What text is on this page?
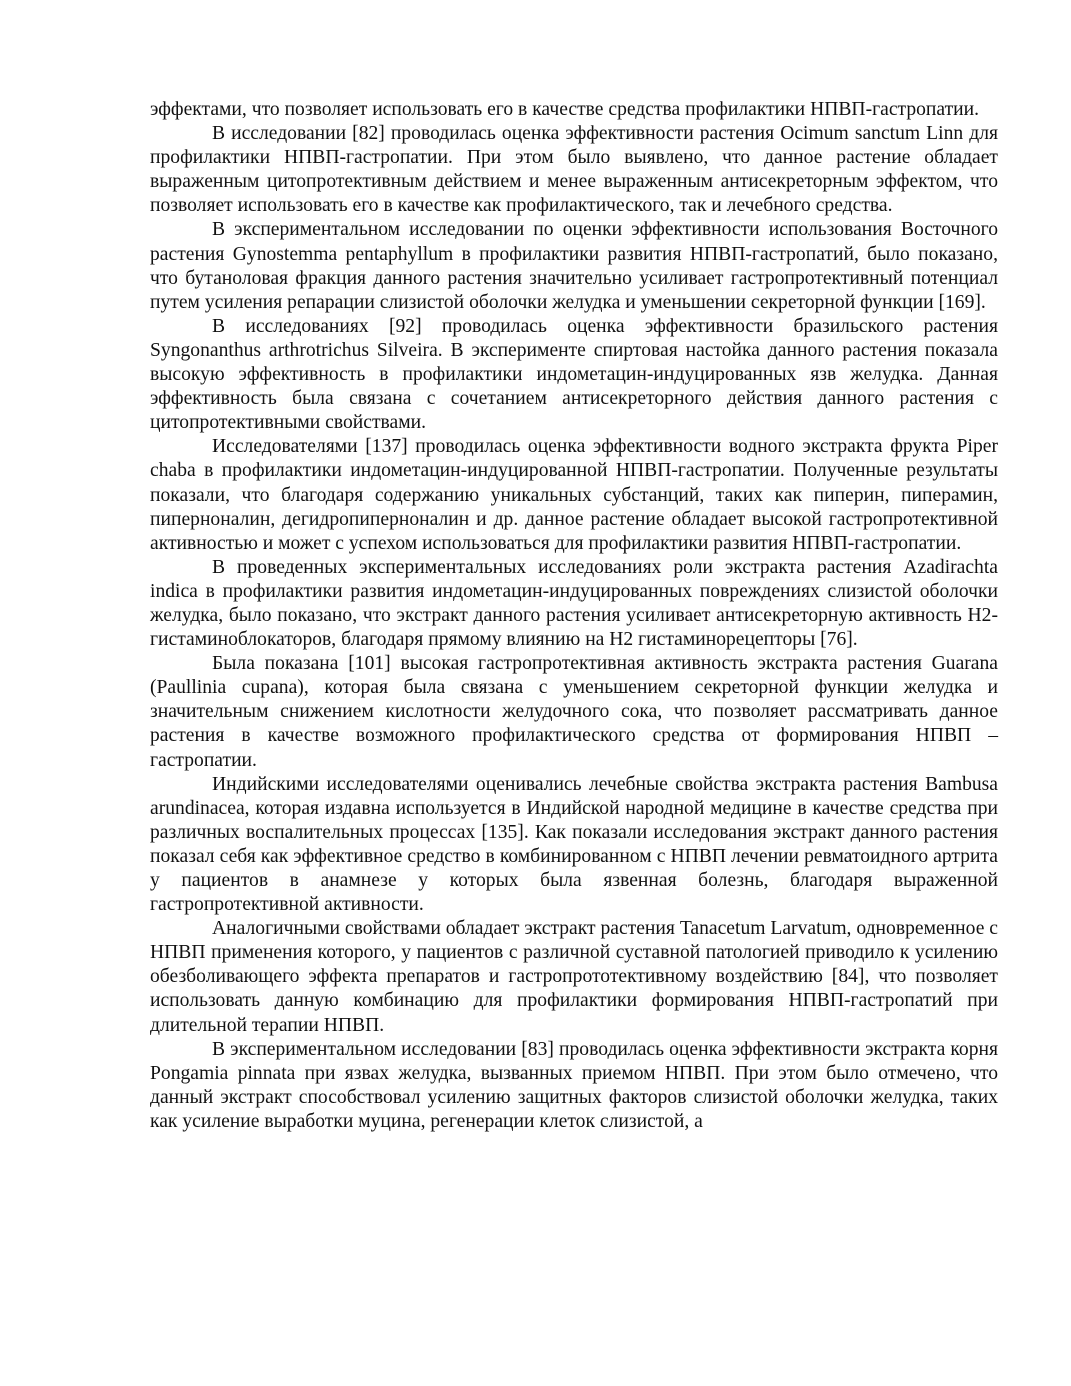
эффектами, что позволяет использовать его в качестве средства профилактики НПВП-гастропатии.

В исследовании [82] проводилась оценка эффективности растения Ocimum sanctum Linn для профилактики НПВП-гастропатии. При этом было выявлено, что данное растение обладает выраженным цитопротективным действием и менее выраженным антисекреторным эффектом, что позволяет использовать его в качестве как профилактического, так и лечебного средства.

В экспериментальном исследовании по оценки эффективности использования Восточного растения Gynostemma pentaphyllum в профилактики развития НПВП-гастропатий, было показано, что бутаноловая фракция данного растения значительно усиливает гастропротективный потенциал путем усиления репарации слизистой оболочки желудка и уменьшении секреторной функции [169].

В исследованиях [92] проводилась оценка эффективности бразильского растения Syngonanthus arthrotrichus Silveira. В эксперименте спиртовая настойка данного растения показала высокую эффективность в профилактики индометацин-индуцированных язв желудка. Данная эффективность была связана с сочетанием антисекреторного действия данного растения с цитопротективными свойствами.

Исследователями [137] проводилась оценка эффективности водного экстракта фрукта Piper chaba в профилактики индометацин-индуцированной НПВП-гастропатии. Полученные результаты показали, что благодаря содержанию уникальных субстанций, таких как пиперин, пиперамин, пипернoналин, дегидропипернoналин и др. данное растение обладает высокой гастропротективной активностью и может с успехом использоваться для профилактики развития НПВП-гастропатии.

В проведенных экспериментальных исследованиях роли экстракта растения Azadirachta indica в профилактики развития индометацин-индуцированных повреждениях слизистой оболочки желудка, было показано, что экстракт данного растения усиливает антисекреторную активность Н2-гистаминоблокаторов, благодаря прямому влиянию на Н2 гистаминорецепторы [76].

Была показана [101] высокая гастропротективная активность экстракта растения Guarana (Paullinia cupana), которая была связана с уменьшением секреторной функции желудка и значительным снижением кислотности желудочного сока, что позволяет рассматривать данное растения в качестве возможного профилактического средства от формирования НПВП – гастропатии.

Индийскими исследователями оценивались лечебные свойства экстракта растения Bambusa arundinacea, которая издавна используется в Индийской народной медицине в качестве средства при различных воспалительных процессах [135]. Как показали исследования экстракт данного растения показал себя как эффективное средство в комбинированном с НПВП лечении ревматоидного артрита у пациентов в анамнезе у которых была язвенная болезнь, благодаря выраженной гастропротективной активности.

Аналогичными свойствами обладает экстракт растения Tanacetum Larvatum, одновременное с НПВП применения которого, у пациентов с различной суставной патологией приводило к усилению обезболивающего эффекта препаратов и гастропрототективному воздействию [84], что позволяет использовать данную комбинацию для профилактики формирования НПВП-гастропатий при длительной терапии НПВП.

В экспериментальном исследовании [83] проводилась оценка эффективности экстракта корня Pongamia pinnata при язвах желудка, вызванных приемом НПВП. При этом было отмечено, что данный экстракт способствовал усилению защитных факторов слизистой оболочки желудка, таких как усиление выработки муцина, регенерации клеток слизистой, а
